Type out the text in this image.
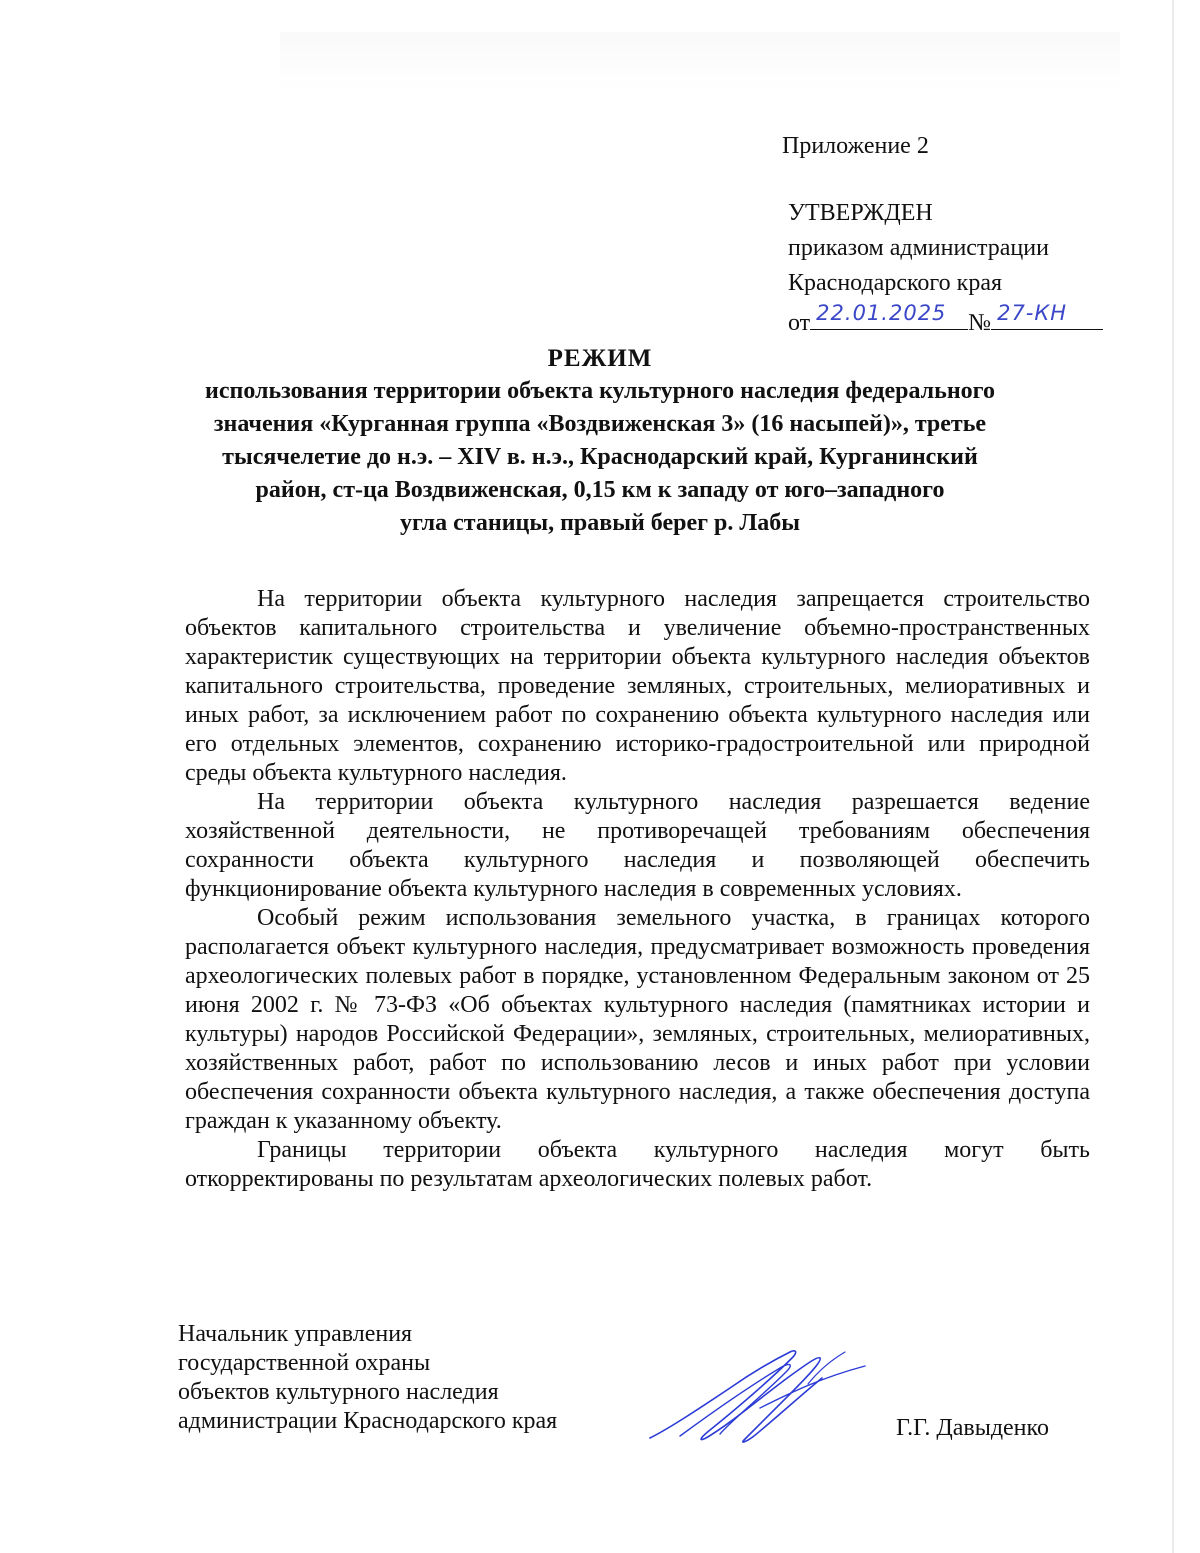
Приложение 2
УТВЕРЖДЕН
приказом администрации
Краснодарского края
от 22.01.2025 № 27-КН
РЕЖИМ
использования территории объекта культурного наследия федерального
значения «Курганная группа «Воздвиженская 3» (16 насыпей)», третье
тысячелетие до н.э. – XIV в. н.э., Краснодарский край, Курганинский
район, ст-ца Воздвиженская, 0,15 км к западу от юго–западного
угла станицы, правый берег р. Лабы

На территории объекта культурного наследия запрещается строительство объектов капитального строительства и увеличение объемно-пространственных характеристик существующих на территории объекта культурного наследия объектов капитального строительства, проведение земляных, строительных, мелиоративных и иных работ, за исключением работ по сохранению объекта культурного наследия или его отдельных элементов, сохранению историко-градостроительной или природной среды объекта культурного наследия.

На территории объекта культурного наследия разрешается ведение хозяйственной деятельности, не противоречащей требованиям обеспечения сохранности объекта культурного наследия и позволяющей обеспечить функционирование объекта культурного наследия в современных условиях.

Особый режим использования земельного участка, в границах которого располагается объект культурного наследия, предусматривает возможность проведения археологических полевых работ в порядке, установленном Федеральным законом от 25 июня 2002 г. № 73-ФЗ «Об объектах культурного наследия (памятниках истории и культуры) народов Российской Федерации», земляных, строительных, мелиоративных, хозяйственных работ, работ по использованию лесов и иных работ при условии обеспечения сохранности объекта культурного наследия, а также обеспечения доступа граждан к указанному объекту.

Границы территории объекта культурного наследия могут быть откорректированы по результатам археологических полевых работ.

Начальник управления
государственной охраны
объектов культурного наследия
администрации Краснодарского края	Г.Г. Давыденко
